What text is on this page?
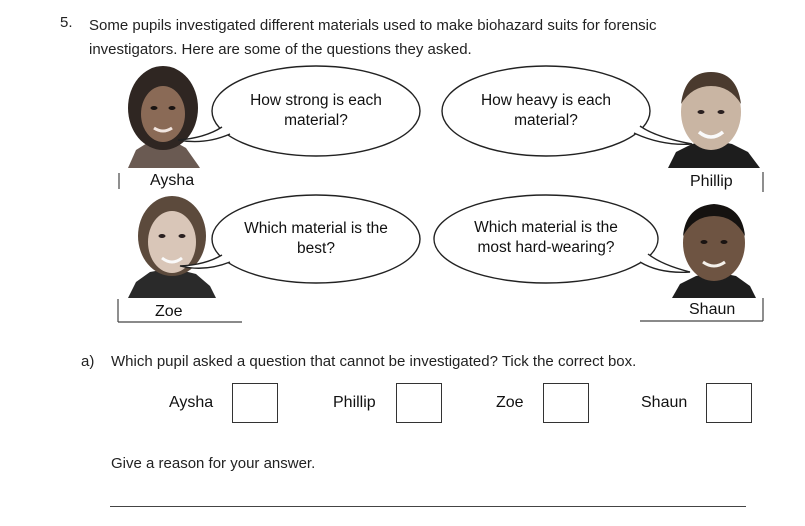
5. Some pupils investigated different materials used to make biohazard suits for forensic investigators. Here are some of the questions they asked.
How strong is each material?
How heavy is each material?
Which material is the best?
Which material is the most hard-wearing?
Aysha	Phillip
Zoe	Shaun
a) Which pupil asked a question that cannot be investigated? Tick the correct box.
Aysha	Phillip	Zoe	Shaun
Give a reason for your answer.
